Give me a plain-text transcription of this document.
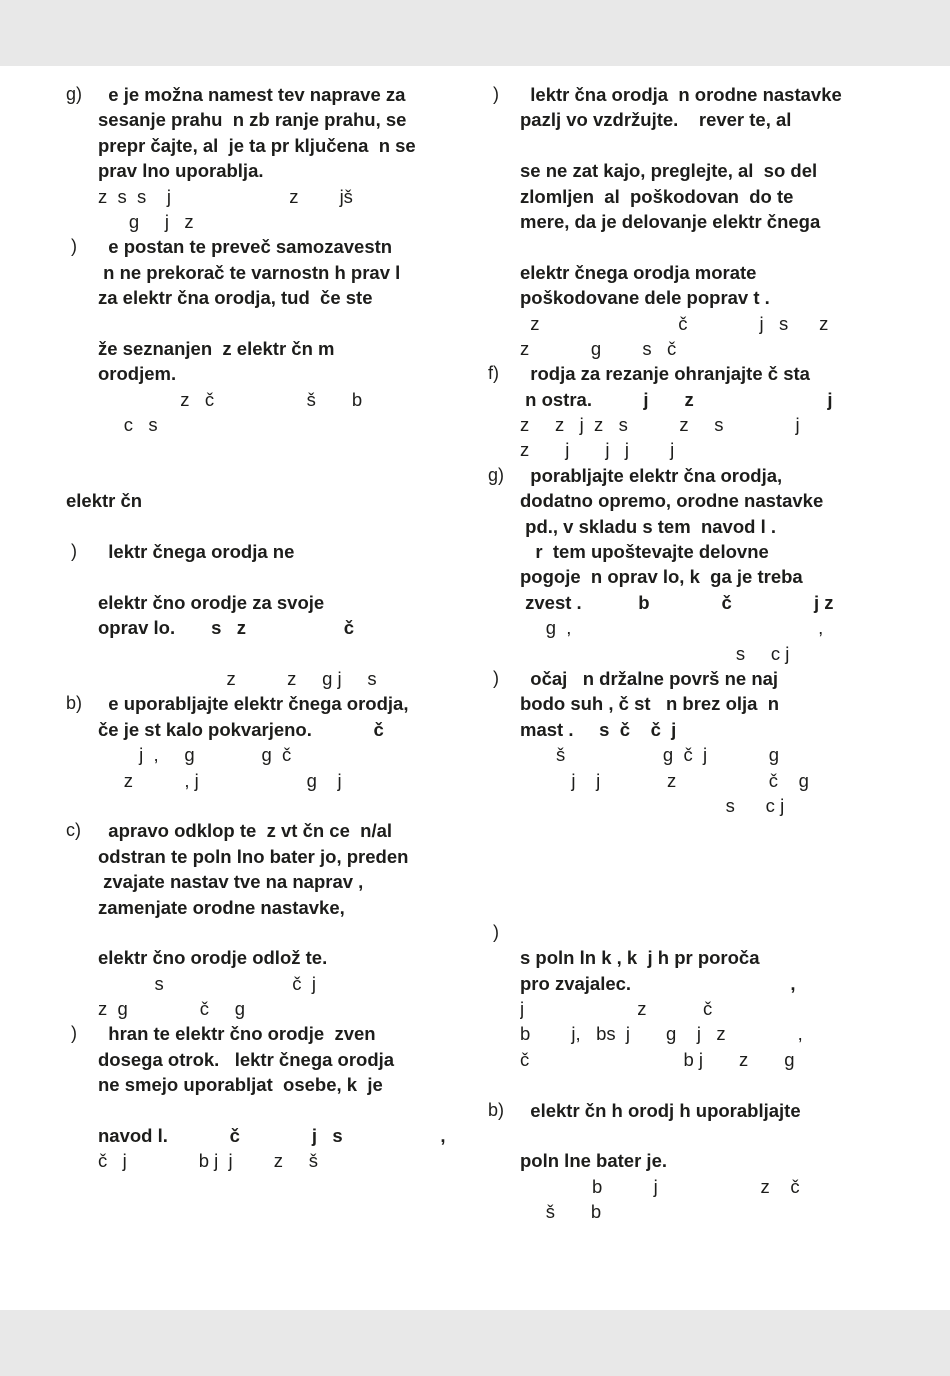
g) e je možna namest tev naprave za
sesanje prahu  n zb ranje prahu, se
prepr čajte, al  je ta pr ključena  n se
prav lno uporablja.
z  s  s    j                       z        jš
g     j   z
)	e postan te preveč samozavestn
n ne prekorač te varnostn h prav l
za elektr čna orodja, tud  če ste
že seznanjen  z elektr čn m
orodjem.
z   č                  š       b
c   s
elektr čn
)	lektr čnega orodja ne
elektr čno orodje za svoje
oprav lo.       s   z                   č
z          z     g j     s
b) e uporabljajte elektr čnega orodja,
če je st kalo pokvarjeno.            č
j  ,     g             g  č
z          , j                     g    j
c) apravo odklop te  z vt čn ce  n/al
odstran te poln lno bater jo, preden
zvajate nastav tve na naprav ,
zamenjate orodne nastavke,
elektr čno orodje odlož te.
s                         č  j
z  g              č     g
)	hran te elektr čno orodje  zven
dosega otrok.   lektr čnega orodja
ne smejo uporabljat  osebe, k  je
navod l.            č              j   s                   ,
č   j              b j  j        z     š
)	lektr čna orodja  n orodne nastavke
pazlj vo vzdržujte.    rever te, al
se ne zat kajo, preglejte, al  so del
zlomljen  al  poškodovan  do te
mere, da je delovanje elektr čnega
elektr čnega orodja morate
poškodovane dele poprav t .
z                           č              j   s      z
z            g        s   č
f)	rodja za rezanje ohranjajte č sta
n ostra.          j       z                          j
z     z   j  z   s          z     s              j
z       j       j   j        j
g) porabljajte elektr čna orodja,
dodatno opremo, orodne nastavke
pd., v skladu s tem  navod l .
r  tem upoštevajte delovne
pogoje  n oprav lo, k  ga je treba
zvest .           b              č                j z
g  ,                                                ,
s     c j
)	očaj   n držalne površ ne naj
bodo suh , č st   n brez olja  n
mast .     s  č    č  j
š                   g  č  j            g
j    j             z                  č    g
s      c j
)
s poln ln k , k  j h pr poroča
pro zvajalec.                               ,
j                      z           č
b        j,   bs  j       g    j   z              ,
č                              b j       z       g
b) elektr čn h orodj h uporabljajte
poln lne bater je.
b          j                    z    č
š       b
